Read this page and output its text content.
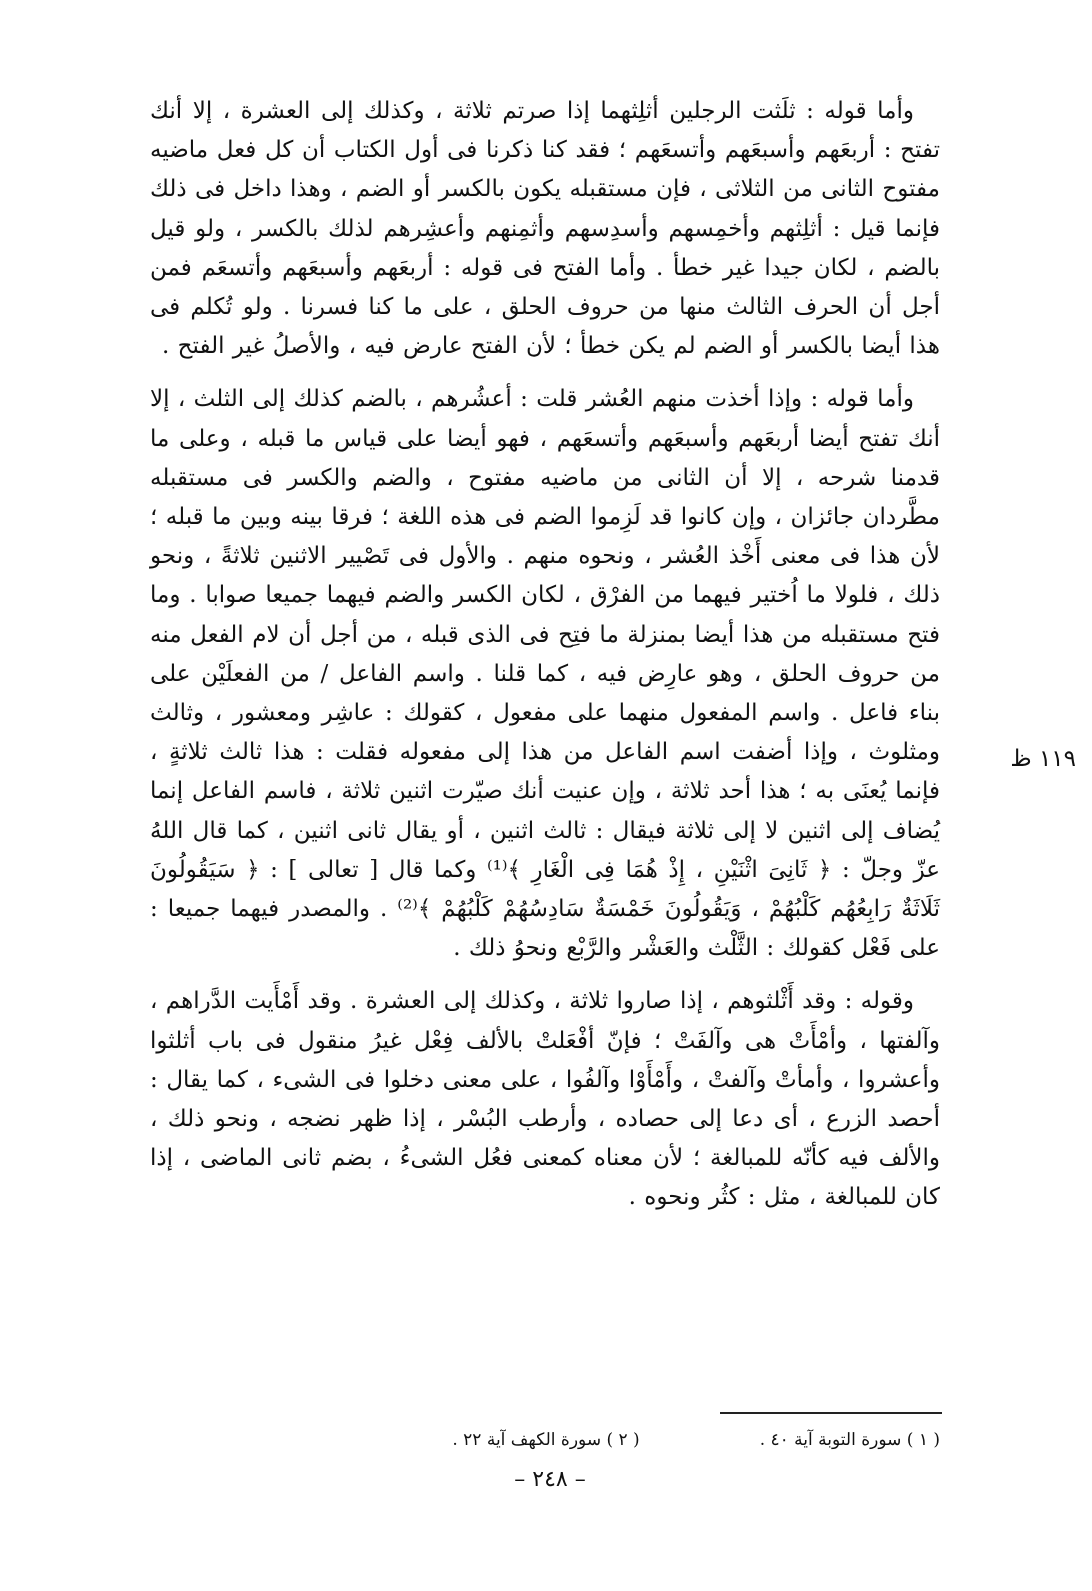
وأما قوله : ثلَثت الرجلين أثلِثهما إذا صرتم ثلاثة ، وكذلك إلى العشرة ، إلا أنك تفتح : أربعَهم وأسبعَهم وأتسعَهم ؛ فقد كنا ذكرنا فى أول الكتاب أن كل فعل ماضيه مفتوح الثانى من الثلاثى ، فإن مستقبله يكون بالكسر أو الضم ، وهذا داخل فى ذلك فإنما قيل : أثلِثهم وأخمِسهم وأسدِسهم وأثمِنهم وأعشِرهم لذلك بالكسر ، ولو قيل بالضم ، لكان جيدا غير خطأ . وأما الفتح فى قوله : أربعَهم وأسبعَهم وأتسعَم فمن أجل أن الحرف الثالث منها من حروف الحلق ، على ما كنا فسرنا . ولو تُكلم فى هذا أيضا بالكسر أو الضم لم يكن خطأ ؛ لأن الفتح عارض فيه ، والأصلُ غير الفتح .

وأما قوله : وإذا أخذت منهم العُشر قلت : أعشُرهم ، بالضم كذلك إلى الثلث ، إلا أنك تفتح أيضا أربعَهم وأسبعَهم وأتسعَهم ، فهو أيضا على قياس ما قبله ، وعلى ما قدمنا شرحه ، إلا أن الثانى من ماضيه مفتوح ، والضم والكسر فى مستقبله مطَّردان جائزان ، وإن كانوا قد لَزِموا الضم فى هذه اللغة ؛ فرقا بينه وبين ما قبله ؛ لأن هذا فى معنى أَخْذ العُشر ، ونحوه منهم . والأول فى تَصْيير الاثنين ثلاثةً ، ونحو ذلك ، فلولا ما اُختير فيهما من الفرْق ، لكان الكسر والضم فيهما جميعا صوابا . وما فتح مستقبله من هذا أيضا بمنزلة ما فتِح فى الذى قبله ، من أجل أن لام الفعل منه من حروف الحلق ، وهو عارِض فيه ، كما قلنا . واسم الفاعل / من الفعلَيْن على بناء فاعل . واسم المفعول منهما على مفعول ، كقولك : عاشِر ومعشور ، وثالث ومثلوث ، وإذا أضفت اسم الفاعل من هذا إلى مفعوله فقلت : هذا ثالث ثلاثةٍ ، فإنما يُعنَى به ؛ هذا أحد ثلاثة ، وإن عنيت أنك صيّرت اثنين ثلاثة ، فاسم الفاعل إنما يُضاف إلى اثنين لا إلى ثلاثة فيقال : ثالث اثنين ، أو يقال ثانى اثنين ، كما قال اللهُ عزّ وجلّ : ﴿ ثَانِىَ اثْنَيْنِ ، إِذْ هُمَا فِى الْغَارِ ﴾⁽¹⁾ وكما قال [ تعالى ] : ﴿ سَيَقُولُونَ ثَلَاثَةٌ رَابِعُهُم كَلْبُهُمْ ، وَيَقُولُونَ خَمْسَةٌ سَادِسُهُمْ كَلْبُهُمْ ﴾⁽²⁾ . والمصدر فيهما جميعا : على فَعْل كقولك : الثَّلْث والعَشْر والرَّبْع ونحوُ ذلك .

وقوله : وقد أَثْلثوهم ، إذا صاروا ثلاثة ، وكذلك إلى العشرة . وقد أَمْأَيت الدَّراهم ، وآلفتها ، وأمْأَتْ هى وآلفَتْ ؛ فإنّ أفْعَلتْ بالألف فِعْل غيرُ منقول فى باب أثلثوا وأعشروا ، وأمأتْ وآلفتْ ، وأَمْأَوْا وآلفُوا ، على معنى دخلوا فى الشىء ، كما يقال : أحصد الزرع ، أى دعا إلى حصاده ، وأرطب البُسْر ، إذا ظهر نضجه ، ونحو ذلك ، والألف فيه كأنّه للمبالغة ؛ لأن معناه كمعنى فعُل الشىءُ ، بضم ثانى الماضى ، إذا كان للمبالغة ، مثل : كثُر ونحوه .

١١٩ ظ
( ١ ) سورة التوبة آية ٤٠ .
( ٢ ) سورة الكهف آية ٢٢ .
– ٢٤٨ –
